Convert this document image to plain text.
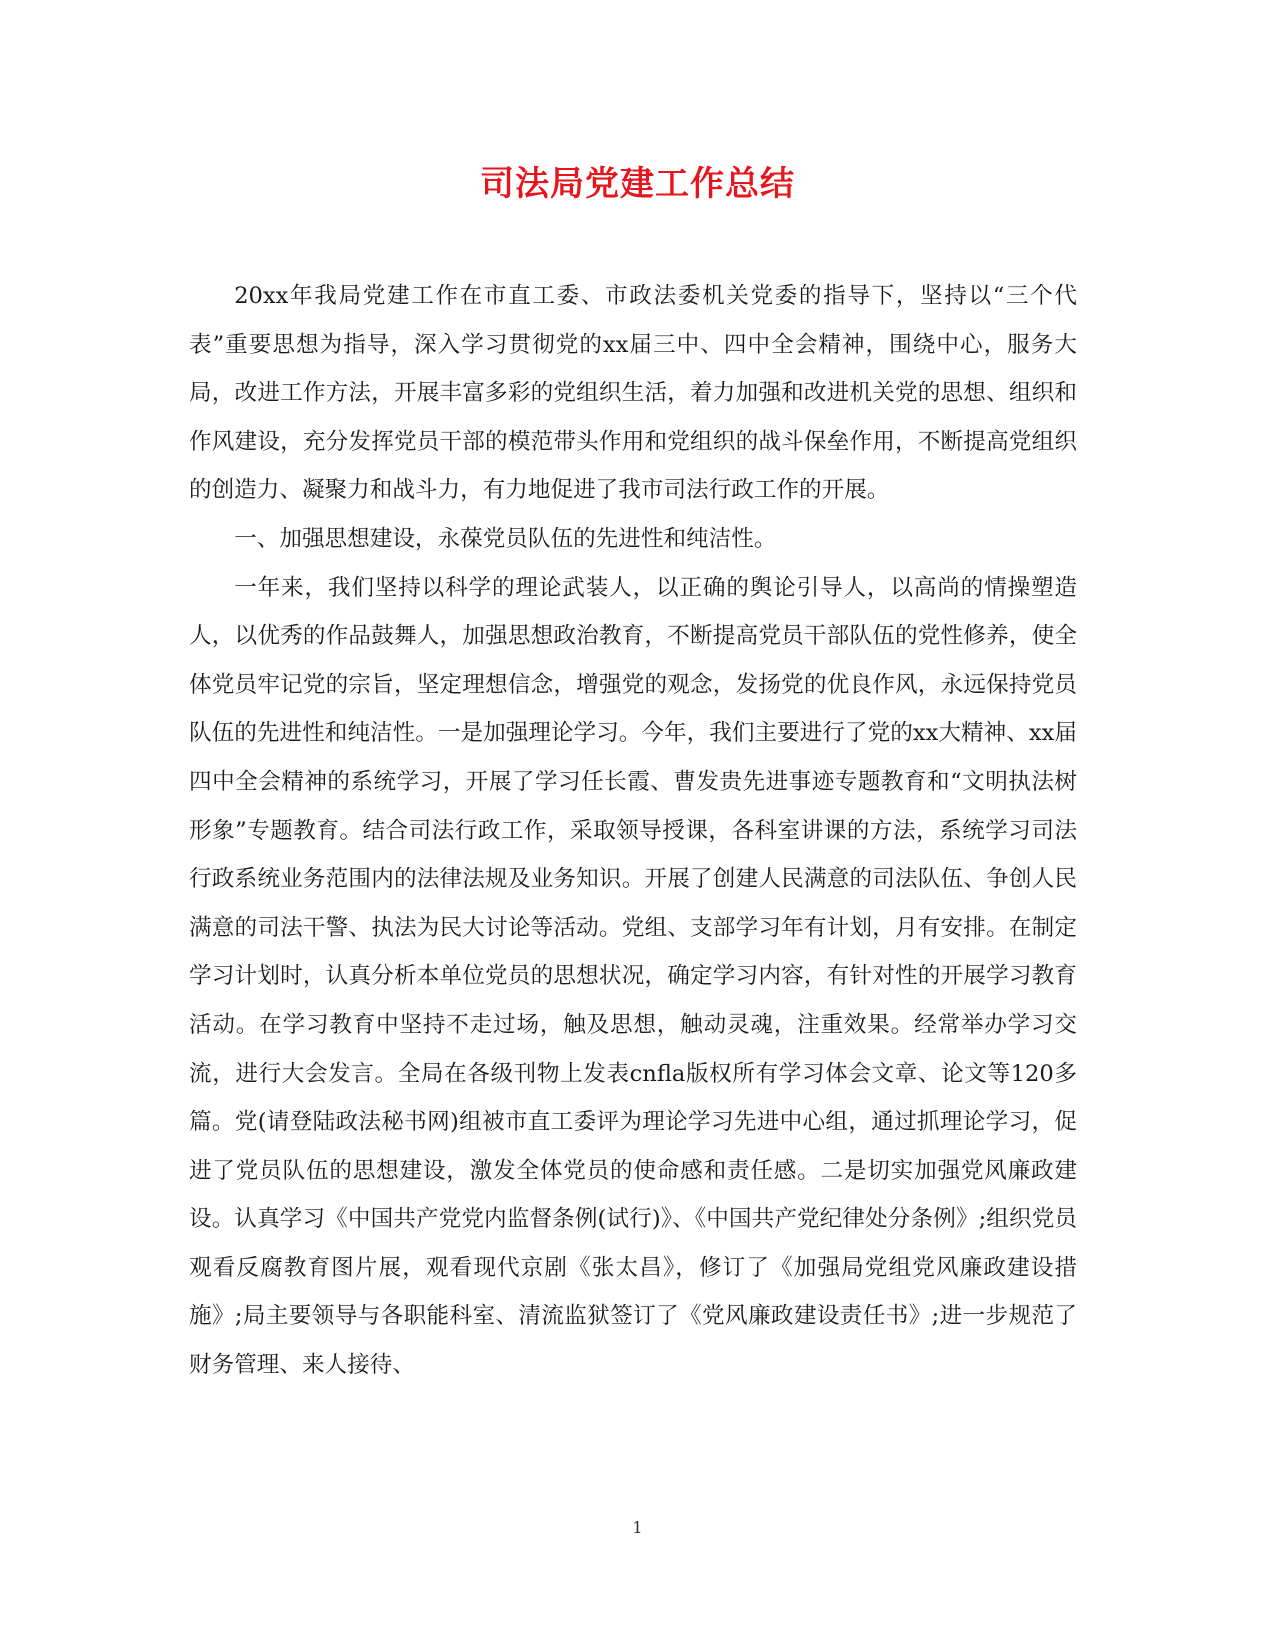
司法局党建工作总结

20xx年我局党建工作在市直工委、市政法委机关党委的指导下，坚持以“三个代表”重要思想为指导，深入学习贯彻党的xx届三中、四中全会精神，围绕中心，服务大局，改进工作方法，开展丰富多彩的党组织生活，着力加强和改进机关党的思想、组织和作风建设，充分发挥党员干部的模范带头作用和党组织的战斗保垒作用，不断提高党组织的创造力、凝聚力和战斗力，有力地促进了我市司法行政工作的开展。

一、加强思想建设，永葆党员队伍的先进性和纯洁性。

一年来，我们坚持以科学的理论武装人，以正确的舆论引导人，以高尚的情操塑造人，以优秀的作品鼓舞人，加强思想政治教育，不断提高党员干部队伍的党性修养，使全体党员牢记党的宗旨，坚定理想信念，增强党的观念，发扬党的优良作风，永远保持党员队伍的先进性和纯洁性。一是加强理论学习。今年，我们主要进行了党的xx大精神、xx届四中全会精神的系统学习，开展了学习任长霞、曹发贵先进事迹专题教育和“文明执法树形象”专题教育。结合司法行政工作，采取领导授课，各科室讲课的方法，系统学习司法行政系统业务范围内的法律法规及业务知识。开展了创建人民满意的司法队伍、争创人民满意的司法干警、执法为民大讨论等活动。党组、支部学习年有计划，月有安排。在制定学习计划时，认真分析本单位党员的思想状况，确定学习内容，有针对性的开展学习教育活动。在学习教育中坚持不走过场，触及思想，触动灵魂，注重效果。经常举办学习交流，进行大会发言。全局在各级刊物上发表cnfla版权所有学习体会文章、论文等120多篇。党(请登陆政法秘书网)组被市直工委评为理论学习先进中心组，通过抓理论学习，促进了党员队伍的思想建设，激发全体党员的使命感和责任感。二是切实加强党风廉政建设。认真学习《中国共产党党内监督条例(试行)》、《中国共产党纪律处分条例》;组织党员观看反腐教育图片展，观看现代京剧《张太昌》，修订了《加强局党组党风廉政建设措施》;局主要领导与各职能科室、清流监狱签订了《党风廉政建设责任书》;进一步规范了财务管理、来人接待、

1
